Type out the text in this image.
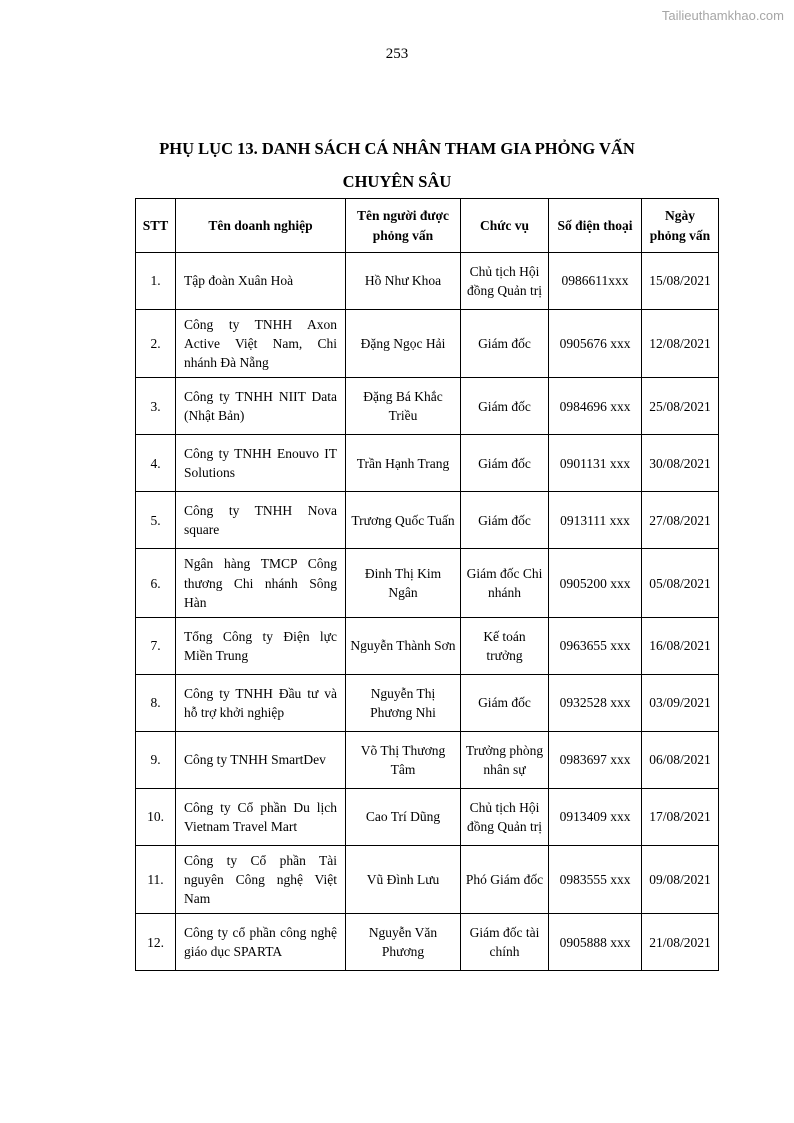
Tailieuthamkhao.com
253
PHỤ LỤC 13. DANH SÁCH CÁ NHÂN THAM GIA PHỎNG VẤN
CHUYÊN SÂU
STT	Tên doanh nghiệp	Tên người được phỏng vấn	Chức vụ	Số điện thoại	Ngày phỏng vấn
1.	Tập đoàn Xuân Hoà	Hồ Như Khoa	Chủ tịch Hội đồng Quản trị	0986611xxx	15/08/2021
2.	Công ty TNHH Axon Active Việt Nam, Chi nhánh Đà Nẵng	Đặng Ngọc Hải	Giám đốc	0905676 xxx	12/08/2021
3.	Công ty TNHH NIIT Data (Nhật Bản)	Đặng Bá Khắc Triều	Giám đốc	0984696 xxx	25/08/2021
4.	Công ty TNHH Enouvo IT Solutions	Trần Hạnh Trang	Giám đốc	0901131 xxx	30/08/2021
5.	Công ty TNHH Nova square	Trương Quốc Tuấn	Giám đốc	0913111 xxx	27/08/2021
6.	Ngân hàng TMCP Công thương Chi nhánh Sông Hàn	Đinh Thị Kim Ngân	Giám đốc Chi nhánh	0905200 xxx	05/08/2021
7.	Tổng Công ty Điện lực Miền Trung	Nguyễn Thành Sơn	Kế toán trưởng	0963655 xxx	16/08/2021
8.	Công ty TNHH Đầu tư và hỗ trợ khởi nghiệp	Nguyễn Thị Phương Nhi	Giám đốc	0932528 xxx	03/09/2021
9.	Công ty TNHH SmartDev	Võ Thị Thương Tâm	Trưởng phòng nhân sự	0983697 xxx	06/08/2021
10.	Công ty Cổ phần Du lịch Vietnam Travel Mart	Cao Trí Dũng	Chủ tịch Hội đồng Quản trị	0913409 xxx	17/08/2021
11.	Công ty Cổ phần Tài nguyên Công nghệ Việt Nam	Vũ Đình Lưu	Phó Giám đốc	0983555 xxx	09/08/2021
12.	Công ty cổ phần công nghệ giáo dục SPARTA	Nguyễn Văn Phương	Giám đốc tài chính	0905888 xxx	21/08/2021
